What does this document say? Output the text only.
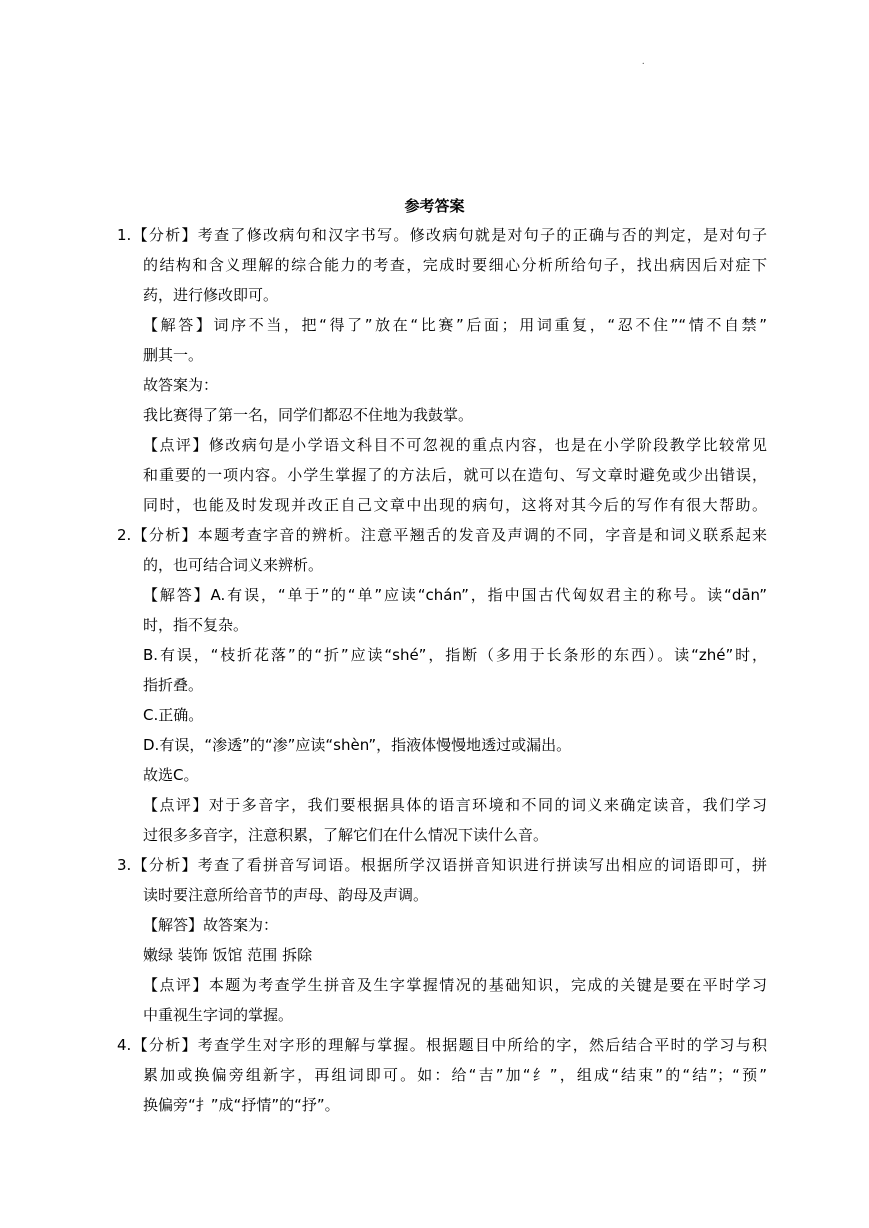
.
参考答案
1.【分析】考查了修改病句和汉字书写。修改病句就是对句子的正确与否的判定，是对句子
的结构和含义理解的综合能力的考查，完成时要细心分析所给句子，找出病因后对症下
药，进行修改即可。
【解答】词序不当，把“得了”放在“比赛”后面；用词重复，“忍不住”“情不自禁”
删其一。
故答案为：
我比赛得了第一名，同学们都忍不住地为我鼓掌。
【点评】修改病句是小学语文科目不可忽视的重点内容，也是在小学阶段教学比较常见
和重要的一项内容。小学生掌握了的方法后，就可以在造句、写文章时避免或少出错误，
同时，也能及时发现并改正自己文章中出现的病句，这将对其今后的写作有很大帮助。
2.【分析】本题考查字音的辨析。注意平翘舌的发音及声调的不同，字音是和词义联系起来
的，也可结合词义来辨析。
【解答】A.有误，“单于”的“单”应读“chán”，指中国古代匈奴君主的称号。读“dān”
时，指不复杂。
B.有误，“枝折花落”的“折”应读“shé”，指断（多用于长条形的东西）。读“zhé”时，
指折叠。
C.正确。
D.有误，“渗透”的“渗”应读“shèn”，指液体慢慢地透过或漏出。
故选C。
【点评】对于多音字，我们要根据具体的语言环境和不同的词义来确定读音，我们学习
过很多多音字，注意积累，了解它们在什么情况下读什么音。
3.【分析】考查了看拼音写词语。根据所学汉语拼音知识进行拼读写出相应的词语即可，拼
读时要注意所给音节的声母、韵母及声调。
【解答】故答案为：
嫩绿 装饰 饭馆 范围 拆除
【点评】本题为考查学生拼音及生字掌握情况的基础知识，完成的关键是要在平时学习
中重视生字词的掌握。
4.【分析】考查学生对字形的理解与掌握。根据题目中所给的字，然后结合平时的学习与积
累加或换偏旁组新字，再组词即可。如：给“吉”加“纟”，组成“结束”的“结”；“预”
换偏旁“扌”成“抒情”的“抒”。
